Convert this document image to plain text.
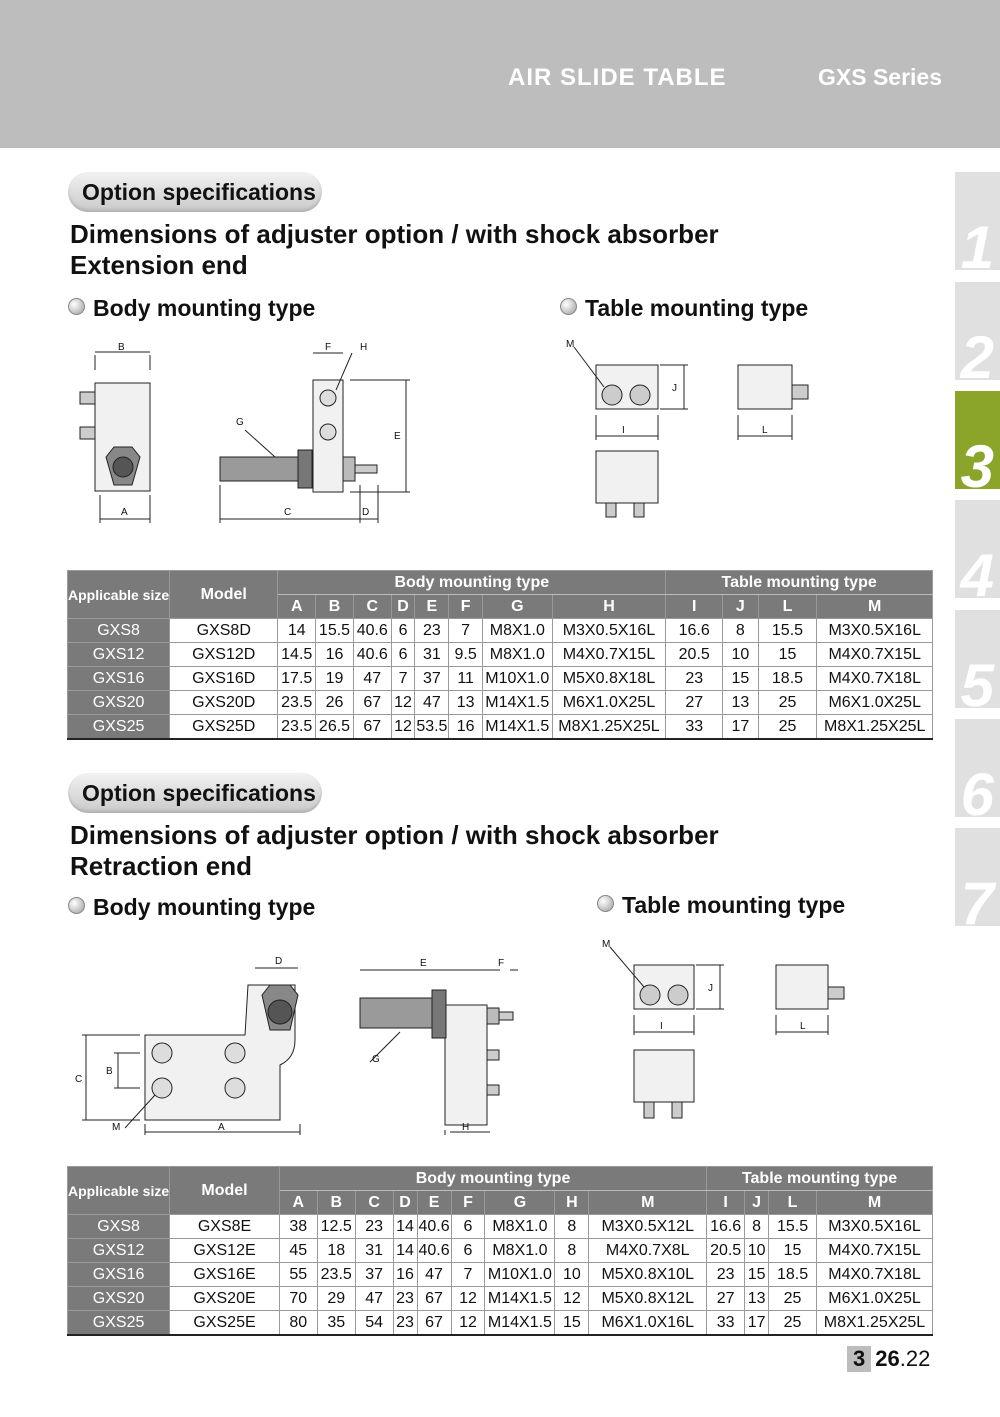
AIR SLIDE TABLE	GXS Series
1
2
3
4
5
6
7
Option specifications
Dimensions of adjuster option / with shock absorber
Extension end
Body mounting type	Table mounting type
B
A
F	H
G
E
C	D
M
J
I	L
Applicable size	Model	Body mounting type								Table mounting type			
		A	B	C	D	E	F	G	H	I	J	L	M
GXS8	GXS8D	14	15.5	40.6	6	23	7	M8X1.0	M3X0.5X16L	16.6	8	15.5	M3X0.5X16L
GXS12	GXS12D	14.5	16	40.6	6	31	9.5	M8X1.0	M4X0.7X15L	20.5	10	15	M4X0.7X15L
GXS16	GXS16D	17.5	19	47	7	37	11	M10X1.0	M5X0.8X18L	23	15	18.5	M4X0.7X18L
GXS20	GXS20D	23.5	26	67	12	47	13	M14X1.5	M6X1.0X25L	27	13	25	M6X1.0X25L
GXS25	GXS25D	23.5	26.5	67	12	53.5	16	M14X1.5	M8X1.25X25L	33	17	25	M8X1.25X25L
Option specifications
Dimensions of adjuster option / with shock absorber
Retraction end
Body mounting type	Table mounting type
D
C
B
M	A
E	F
G
H
M
J
I	L
Applicable size	Model	Body mounting type									Table mounting type			
		A	B	C	D	E	F	G	H	M	I	J	L	M
GXS8	GXS8E	38	12.5	23	14	40.6	6	M8X1.0	8	M3X0.5X12L	16.6	8	15.5	M3X0.5X16L
GXS12	GXS12E	45	18	31	14	40.6	6	M8X1.0	8	M4X0.7X8L	20.5	10	15	M4X0.7X15L
GXS16	GXS16E	55	23.5	37	16	47	7	M10X1.0	10	M5X0.8X10L	23	15	18.5	M4X0.7X18L
GXS20	GXS20E	70	29	47	23	67	12	M14X1.5	12	M5X0.8X12L	27	13	25	M6X1.0X25L
GXS25	GXS25E	80	35	54	23	67	12	M14X1.5	15	M6X1.0X16L	33	17	25	M8X1.25X25L
3 26.22
